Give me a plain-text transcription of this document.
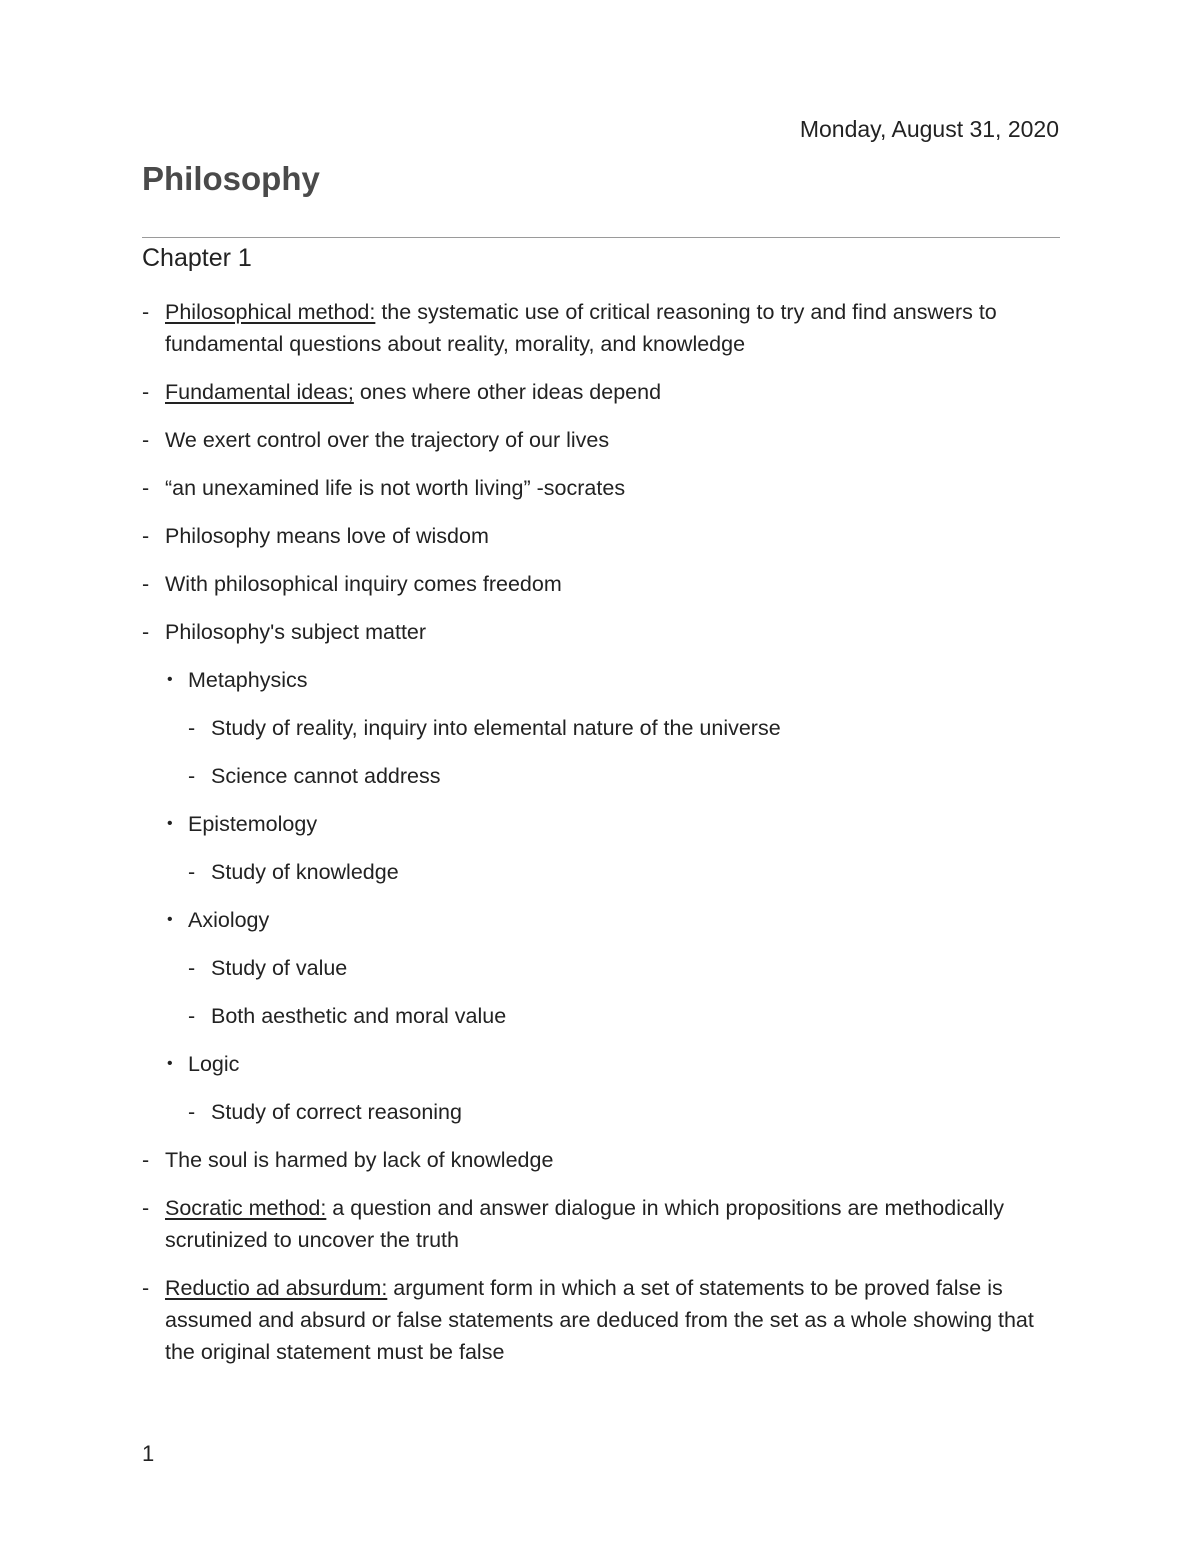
Monday, August 31, 2020
Philosophy
Chapter 1
- Philosophical method: the systematic use of critical reasoning to try and find answers to fundamental questions about reality, morality, and knowledge
- Fundamental ideas; ones where other ideas depend
- We exert control over the trajectory of our lives
- “an unexamined life is not worth living” -socrates
- Philosophy means love of wisdom
- With philosophical inquiry comes freedom
- Philosophy's subject matter
• Metaphysics
- Study of reality, inquiry into elemental nature of the universe
- Science cannot address
• Epistemology
- Study of knowledge
• Axiology
- Study of value
- Both aesthetic and moral value
• Logic
- Study of correct reasoning
- The soul is harmed by lack of knowledge
- Socratic method: a question and answer dialogue in which propositions are methodically scrutinized to uncover the truth
- Reductio ad absurdum: argument form in which a set of statements to be proved false is assumed and absurd or false statements are deduced from the set as a whole showing that the original statement must be false
1
